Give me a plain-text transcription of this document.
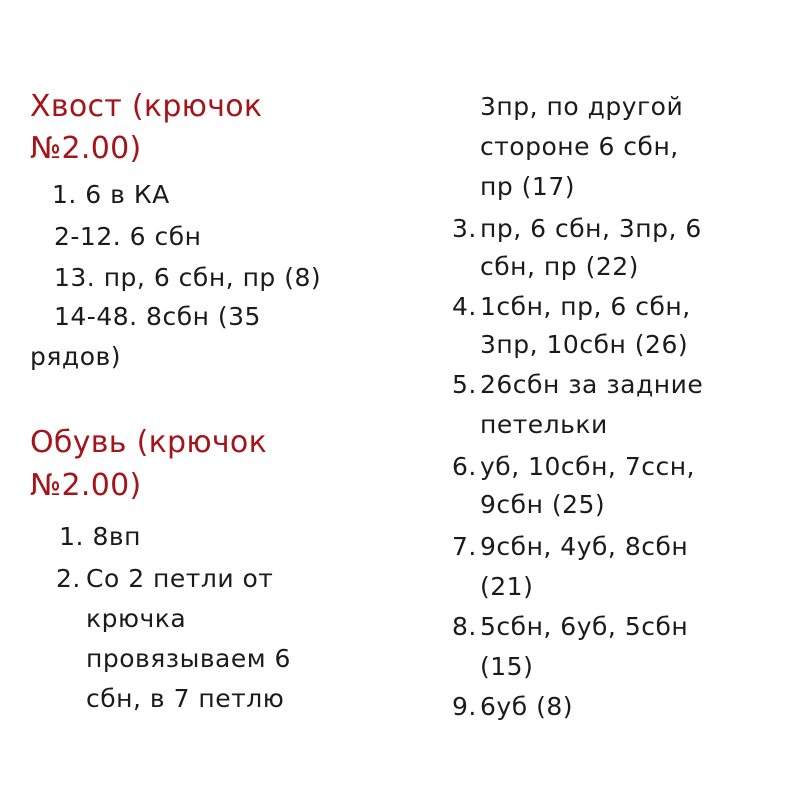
Хвост (крючок
№2.00)
1. 6 в КА
2-12. 6 сбн
13. пр, 6 сбн, пр (8)
14-48. 8сбн (35
рядов)
Обувь (крючок
№2.00)
1. 8вп
2. Со 2 петли от
крючка
провязываем 6
сбн, в 7 петлю
3пр, по другой
стороне 6 сбн,
пр (17)
3. пр, 6 сбн, 3пр, 6
сбн, пр (22)
4. 1сбн, пр, 6 сбн,
3пр, 10сбн (26)
5. 26сбн за задние
петельки
6. уб, 10сбн, 7ссн,
9сбн (25)
7. 9сбн, 4уб, 8сбн
(21)
8. 5сбн, 6уб, 5сбн
(15)
9. 6уб (8)
